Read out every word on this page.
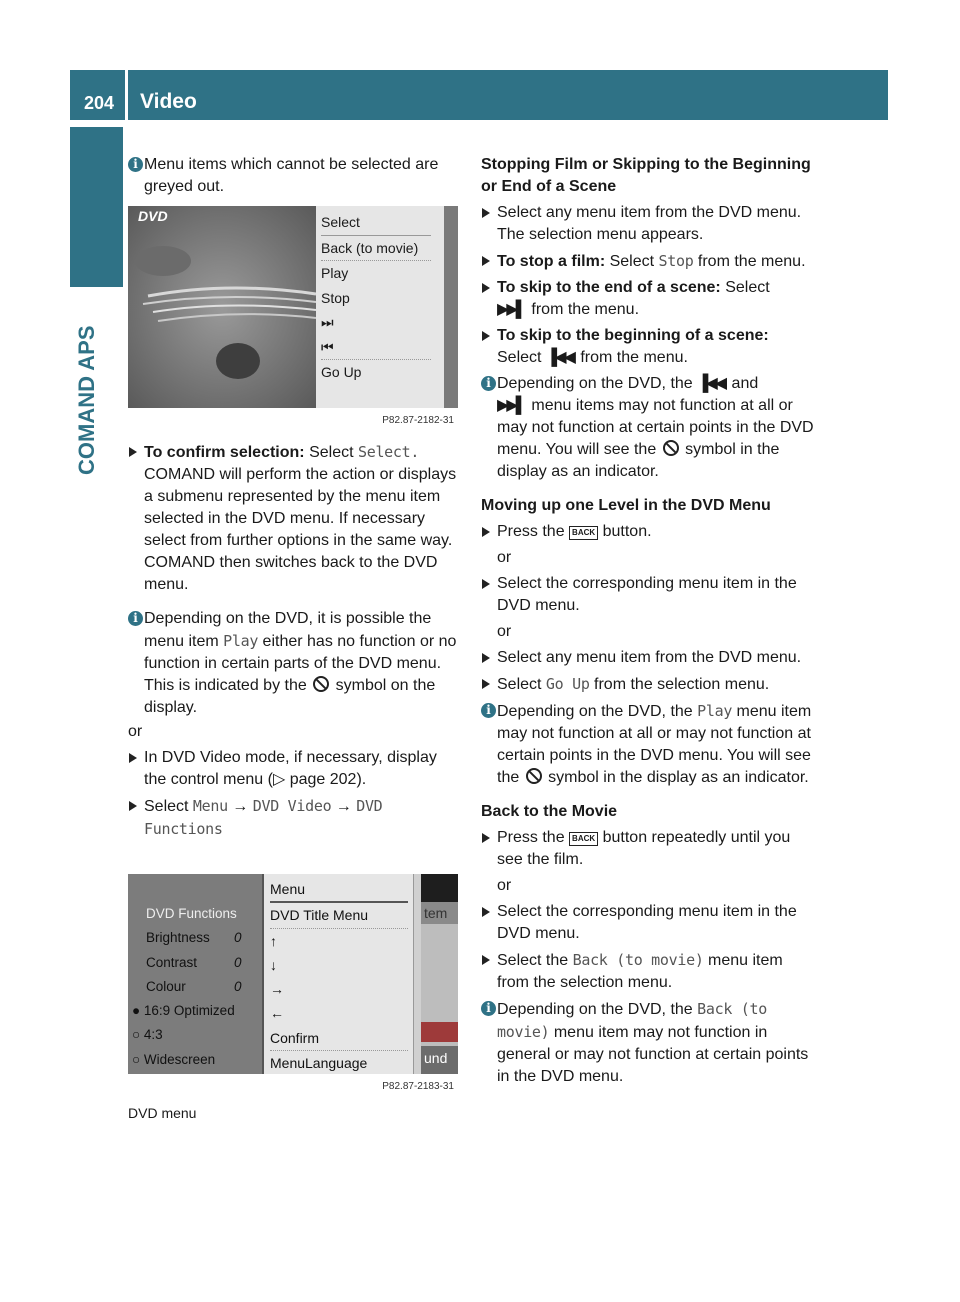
204 Video
COMAND APS

i Menu items which cannot be selected are greyed out.

DVD	Select
Back (to movie)
Play
Stop
⏭
⏮
Go Up
P82.87-2182-31

To confirm selection: Select Select.

COMAND will perform the action or displays a submenu represented by the menu item selected in the DVD menu. If necessary select from further options in the same way.

COMAND then switches back to the DVD menu.

i Depending on the DVD, it is possible the menu item Play either has no function or no function in certain parts of the DVD menu. This is indicated by the symbol on the display.

or

In DVD Video mode, if necessary, display the control menu (▷ page 202).

Select Menu → DVD Video → DVD Functions

tem
und
DVD Functions
Brightness 0
Contrast	0
Colour	0
● 16:9 Optimized
○ 4:3
○ Widescreen
Menu
DVD Title Menu
↑
↓
→
←
Confirm
MenuLanguage
P82.87-2183-31
DVD menu

Stopping Film or Skipping to the Beginning or End of a Scene

Select any menu item from the DVD menu. The selection menu appears.

To stop a film: Select Stop from the menu.

To skip to the end of a scene: Select
▶▶▌ from the menu.

To skip to the beginning of a scene:
Select ▐◀◀ from the menu.

i Depending on the DVD, the ▐◀◀ and
▶▶▌ menu items may not function at all or may not function at certain points in the DVD menu. You will see the symbol in the display as an indicator.

Moving up one Level in the DVD Menu

Press the BACK button.

or

Select the corresponding menu item in the DVD menu.

or

Select any menu item from the DVD menu.

Select Go Up from the selection menu.

i Depending on the DVD, the Play menu item may not function at all or may not function at certain points in the DVD menu. You will see the symbol in the display as an indicator.

Back to the Movie

Press the BACK button repeatedly until you see the film.

or

Select the corresponding menu item in the DVD menu.

Select the Back (to movie) menu item from the selection menu.

i Depending on the DVD, the Back (to movie) menu item may not function in general or may not function at certain points in the DVD menu.
